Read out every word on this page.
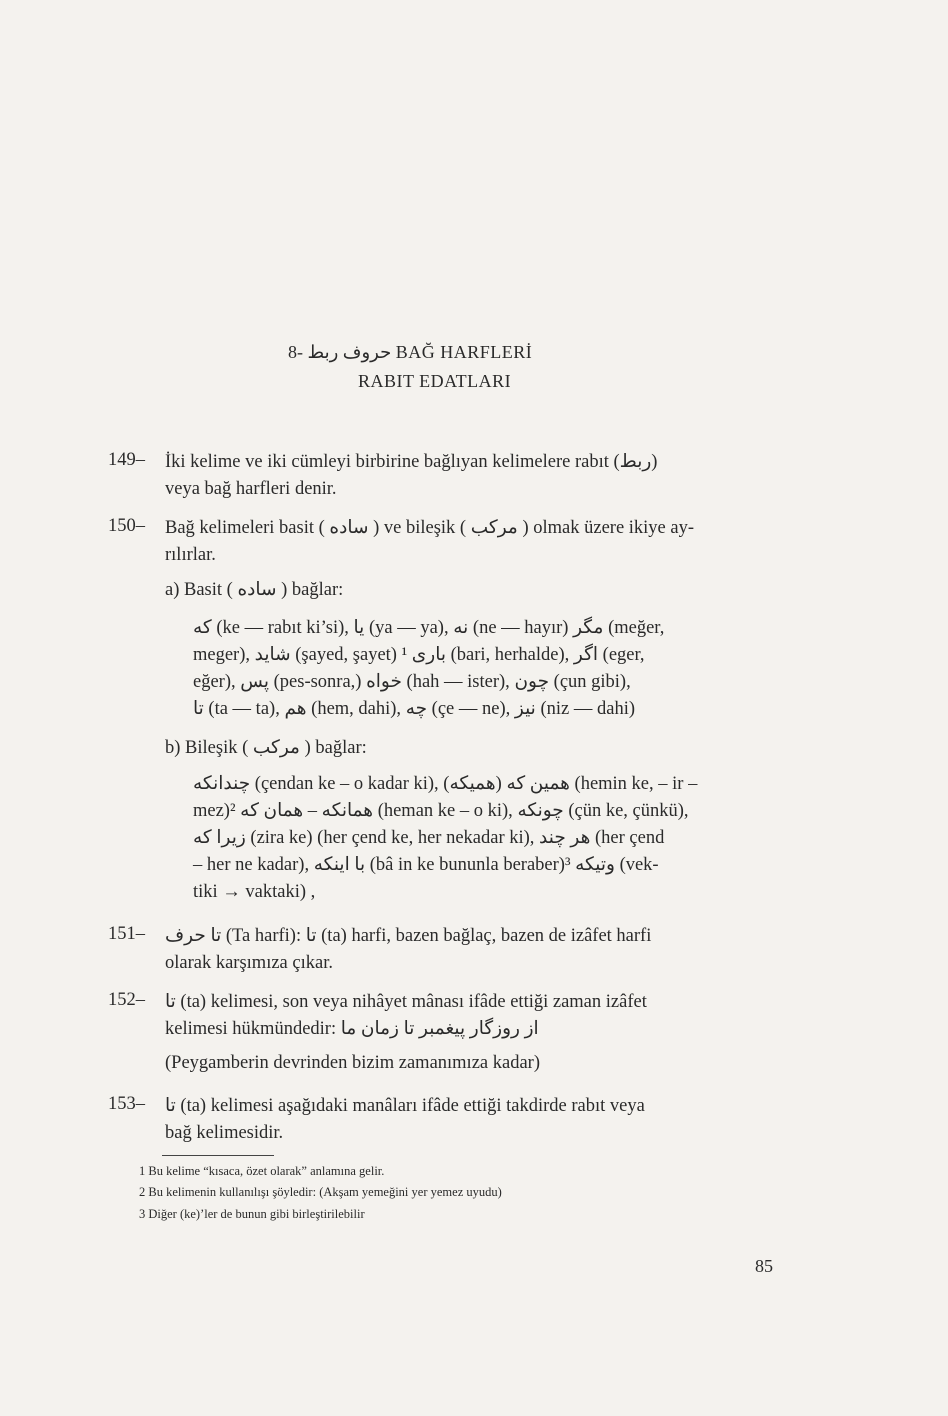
8- حروف ربط BAĞ HARFLERİ
RABIT EDATLARI
149– İki kelime ve iki cümleyi birbirine bağlıyan kelimelere rabıt (ربط)
veya bağ harfleri denir.
150– Bağ kelimeleri basit ( ساده ) ve bileşik ( مركب ) olmak üzere ikiye ay-
rılırlar.
a) Basit ( ساده ) bağlar:
كه (ke — rabıt ki’si), يا (ya — ya), نه (ne — hayır) مگر (meğer,
meger), شايد (şayed, şayet) بارى ¹ (bari, herhalde), اگر (eger,
eğer), پس (pes-sonra,) خواه (hah — ister), چون (çun gibi),
تا (ta — ta), هم (hem, dahi), چه (çe — ne), نيز (niz — dahi)
b) Bileşik ( مركب ) bağlar:
چندانكه (çendan ke – o kadar ki), (هميكه) همين كه (hemin ke, – ir –
mez)² همانكه – همان كه (heman ke – o ki), چونكه (çün ke, çünkü),
زيرا كه (zira ke) (her çend ke, her nekadar ki), هر چند (her çend
– her ne kadar), با اينكه (bâ in ke bununla beraber)³ وتيكه (vek-
tiki → vaktaki) ,
151– تا حرف (Ta harfi): تا (ta) harfi, bazen bağlaç, bazen de izâfet harfi
olarak karşımıza çıkar.
152– تا (ta) kelimesi, son veya nihâyet mânası ifâde ettiği zaman izâfet
kelimesi hükmündedir: از روزگار پيغمبر تا زمان ما
(Peygamberin devrinden bizim zamanımıza kadar)
153– تا (ta) kelimesi aşağıdaki manâları ifâde ettiği takdirde rabıt veya
bağ kelimesidir.
1 Bu kelime “kısaca, özet olarak” anlamına gelir.
2 Bu kelimenin kullanılışı şöyledir: (Akşam yemeğini yer yemez uyudu)
3 Diğer (ke)’ler de bunun gibi birleştirilebilir
85
